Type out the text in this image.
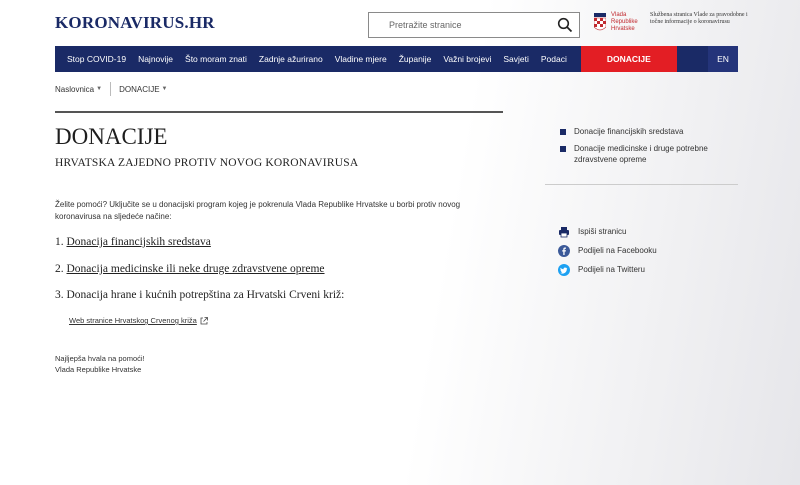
KORONAVIRUS.HR
Pretražite stranice	Vlada Republike Hrvatske
Službena stranica Vlade za pravodobne i točne informacije o koronavirusu
Stop COVID-19	Najnovije	Što moram znati	Zadnje ažurirano	Vladine mjere	Županije	Važni brojevi	Savjeti	Podaci	DONACIJE	EN
Naslovnica ▼ DONACIJE ▼
DONACIJE
HRVATSKA ZAJEDNO PROTIV NOVOG KORONAVIRUSA
Želite pomoći? Uključite se u donacijski program kojeg je pokrenula Vlada Republike Hrvatske u borbi protiv novog koronavirusa na sljedeće načine:
1. Donacija financijskih sredstava
2. Donacija medicinske ili neke druge zdravstvene opreme
3. Donacija hrane i kućnih potrepština za Hrvatski Crveni križ:
Web stranice Hrvatskog Crvenog križa
Najljepša hvala na pomoći!
Vlada Republike Hrvatske
Donacije financijskih sredstava
Donacije medicinske i druge potrebne zdravstvene opreme
Ispiši stranicu
Podijeli na Facebooku
Podijeli na Twitteru
